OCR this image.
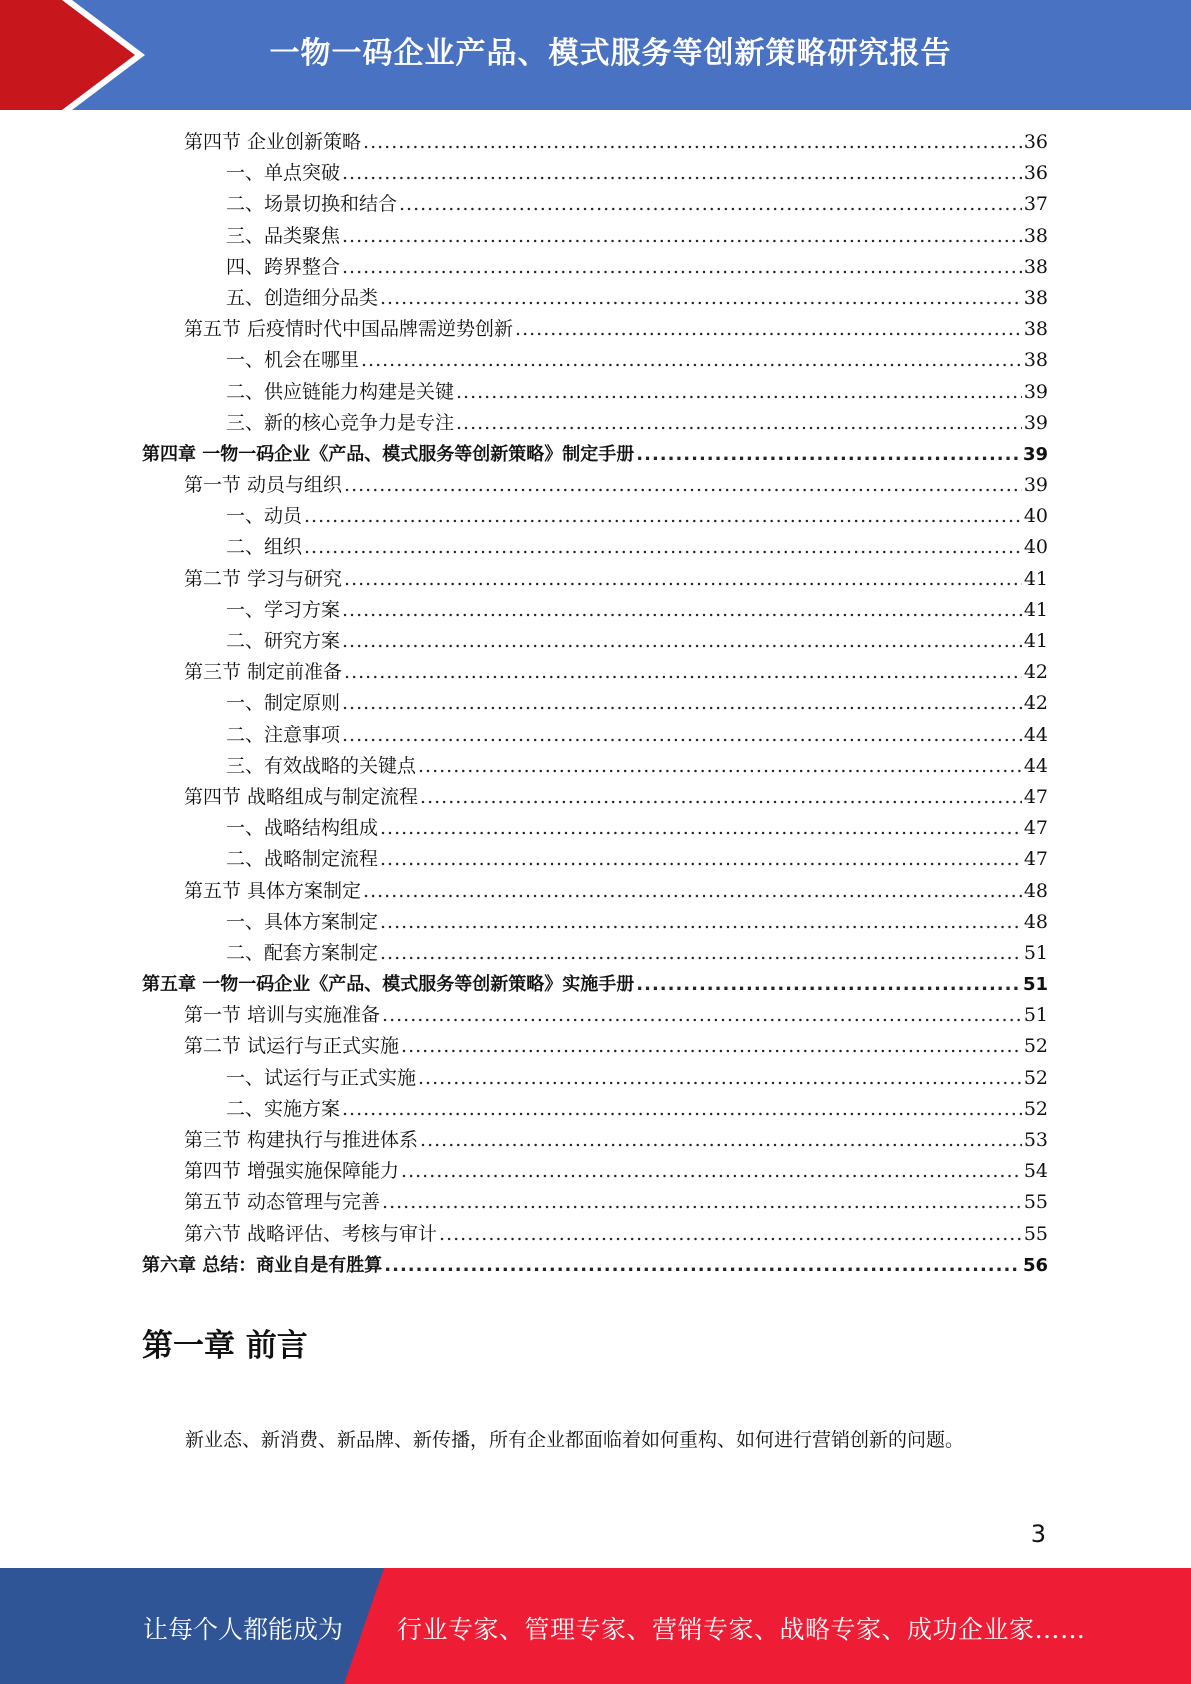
一物一码企业产品、模式服务等创新策略研究报告
第四节 企业创新策略 .....	36
一、单点突破 .....	36
二、场景切换和结合 .....	37
三、品类聚焦 .....	38
四、跨界整合 .....	38
五、创造细分品类 .....	38
第五节 后疫情时代中国品牌需逆势创新 .....	38
一、机会在哪里 .....	38
二、供应链能力构建是关键 .....	39
三、新的核心竞争力是专注 .....	39
第四章 一物一码企业《产品、模式服务等创新策略》制定手册 .....	39
第一节 动员与组织 .....	39
一、动员 .....	40
二、组织 .....	40
第二节 学习与研究 .....	41
一、学习方案 .....	41
二、研究方案 .....	41
第三节 制定前准备 .....	42
一、制定原则 .....	42
二、注意事项 .....	44
三、有效战略的关键点 .....	44
第四节 战略组成与制定流程 .....	47
一、战略结构组成 .....	47
二、战略制定流程 .....	47
第五节 具体方案制定 .....	48
一、具体方案制定 .....	48
二、配套方案制定 .....	51
第五章 一物一码企业《产品、模式服务等创新策略》实施手册 .....	51
第一节 培训与实施准备 .....	51
第二节 试运行与正式实施 .....	52
一、试运行与正式实施 .....	52
二、实施方案 .....	52
第三节 构建执行与推进体系 .....	53
第四节 增强实施保障能力 .....	54
第五节 动态管理与完善 .....	55
第六节 战略评估、考核与审计 .....	55
第六章 总结：商业自是有胜算 .....	56
第一章 前言
新业态、新消费、新品牌、新传播，所有企业都面临着如何重构、如何进行营销创新的问题。
3
让每个人都能成为 行业专家、管理专家、营销专家、战略专家、成功企业家……
